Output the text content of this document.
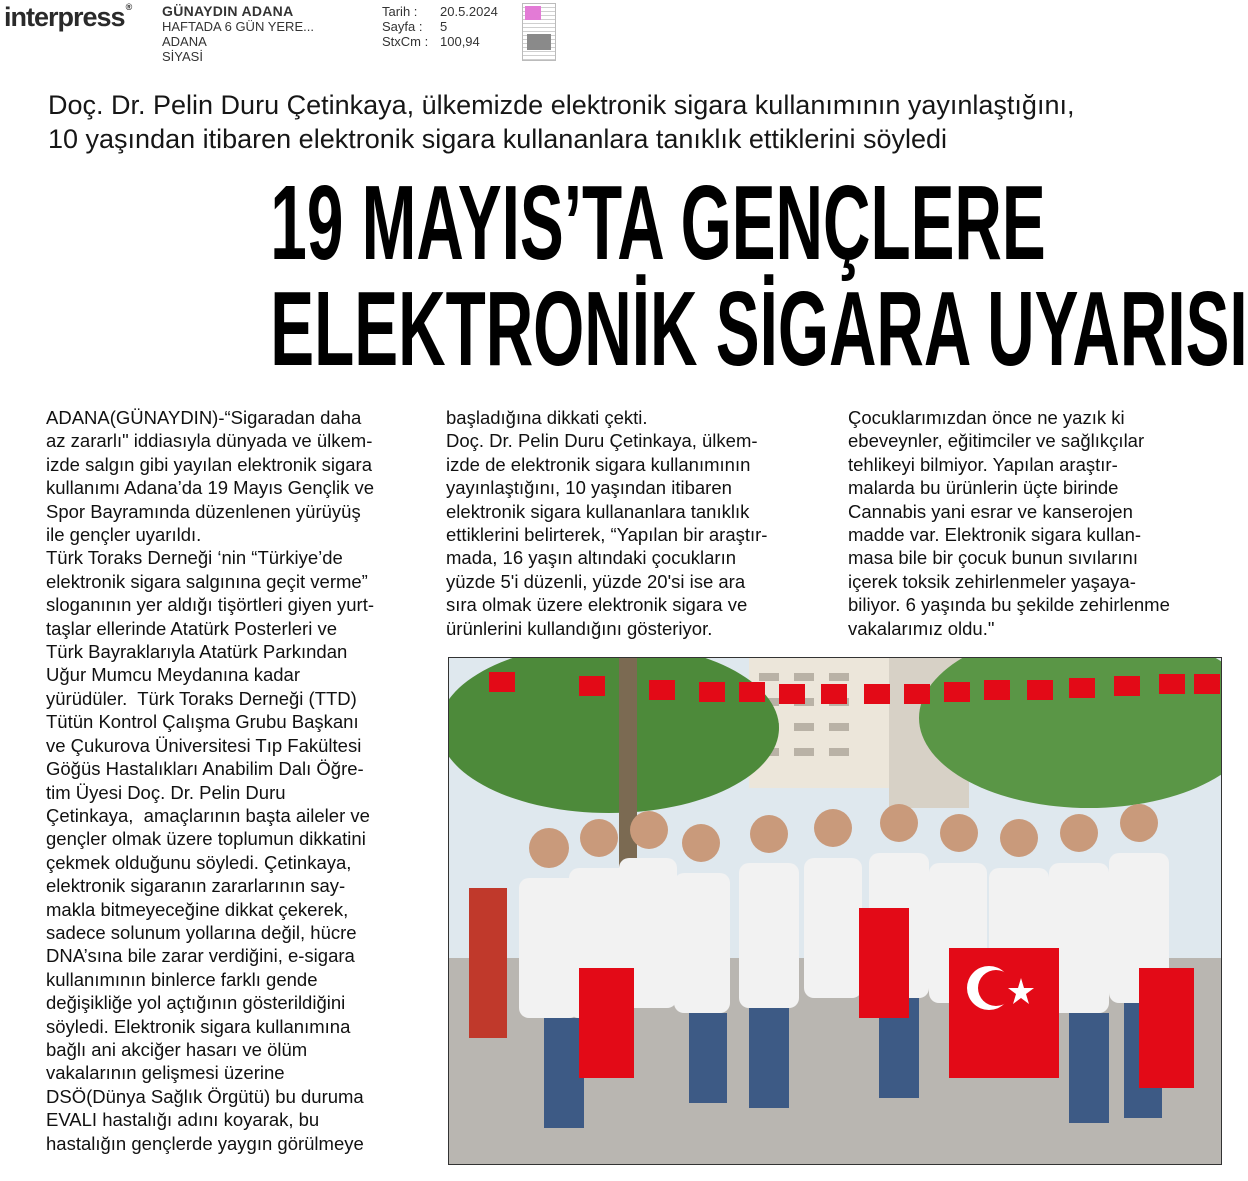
interpress® GÜNAYDIN ADANA
HAFTADA 6 GÜN YERE...
ADANA
SİYASİ
Tarih :	20.5.2024
Sayfa :	5
StxCm : 100,94
Doç. Dr. Pelin Duru Çetinkaya, ülkemizde elektronik sigara kullanımının yayınlaştığını,
10 yaşından itibaren elektronik sigara kullananlara tanıklık ettiklerini söyledi
19 MAYIS’TA GENÇLERE
ELEKTRONİK SİGARA UYARISI
ADANA(GÜNAYDIN)-“Sigaradan daha
az zararlı" iddiasıyla dünyada ve ülkem-
izde salgın gibi yayılan elektronik sigara
kullanımı Adana’da 19 Mayıs Gençlik ve
Spor Bayramında düzenlenen yürüyüş
ile gençler uyarıldı.
Türk Toraks Derneği ‘nin “Türkiye’de
elektronik sigara salgınına geçit verme”
sloganının yer aldığı tişörtleri giyen yurt-
taşlar ellerinde Atatürk Posterleri ve
Türk Bayraklarıyla Atatürk Parkından
Uğur Mumcu Meydanına kadar
yürüdüler.  Türk Toraks Derneği (TTD)
Tütün Kontrol Çalışma Grubu Başkanı
ve Çukurova Üniversitesi Tıp Fakültesi
Göğüs Hastalıkları Anabilim Dalı Öğre-
tim Üyesi Doç. Dr. Pelin Duru
Çetinkaya,  amaçlarının başta aileler ve
gençler olmak üzere toplumun dikkatini
çekmek olduğunu söyledi. Çetinkaya,
elektronik sigaranın zararlarının say-
makla bitmeyeceğine dikkat çekerek,
sadece solunum yollarına değil, hücre
DNA’sına bile zarar verdiğini, e-sigara
kullanımının binlerce farklı gende
değişikliğe yol açtığının gösterildiğini
söyledi. Elektronik sigara kullanımına
bağlı ani akciğer hasarı ve ölüm
vakalarının gelişmesi üzerine
DSÖ(Dünya Sağlık Örgütü) bu duruma
EVALI hastalığı adını koyarak, bu
hastalığın gençlerde yaygın görülmeye
başladığına dikkati çekti.
Doç. Dr. Pelin Duru Çetinkaya, ülkem-
izde de elektronik sigara kullanımının
yayınlaştığını, 10 yaşından itibaren
elektronik sigara kullananlara tanıklık
ettiklerini belirterek, “Yapılan bir araştır-
mada, 16 yaşın altındaki çocukların
yüzde 5'i düzenli, yüzde 20'si ise ara
sıra olmak üzere elektronik sigara ve
ürünlerini kullandığını gösteriyor.
Çocuklarımızdan önce ne yazık ki
ebeveynler, eğitimciler ve sağlıkçılar
tehlikeyi bilmiyor. Yapılan araştır-
malarda bu ürünlerin üçte birinde
Cannabis yani esrar ve kanserojen
madde var. Elektronik sigara kullan-
masa bile bir çocuk bunun sıvılarını
içerek toksik zehirlenmeler yaşaya-
biliyor. 6 yaşında bu şekilde zehirlenme
vakalarımız oldu."
